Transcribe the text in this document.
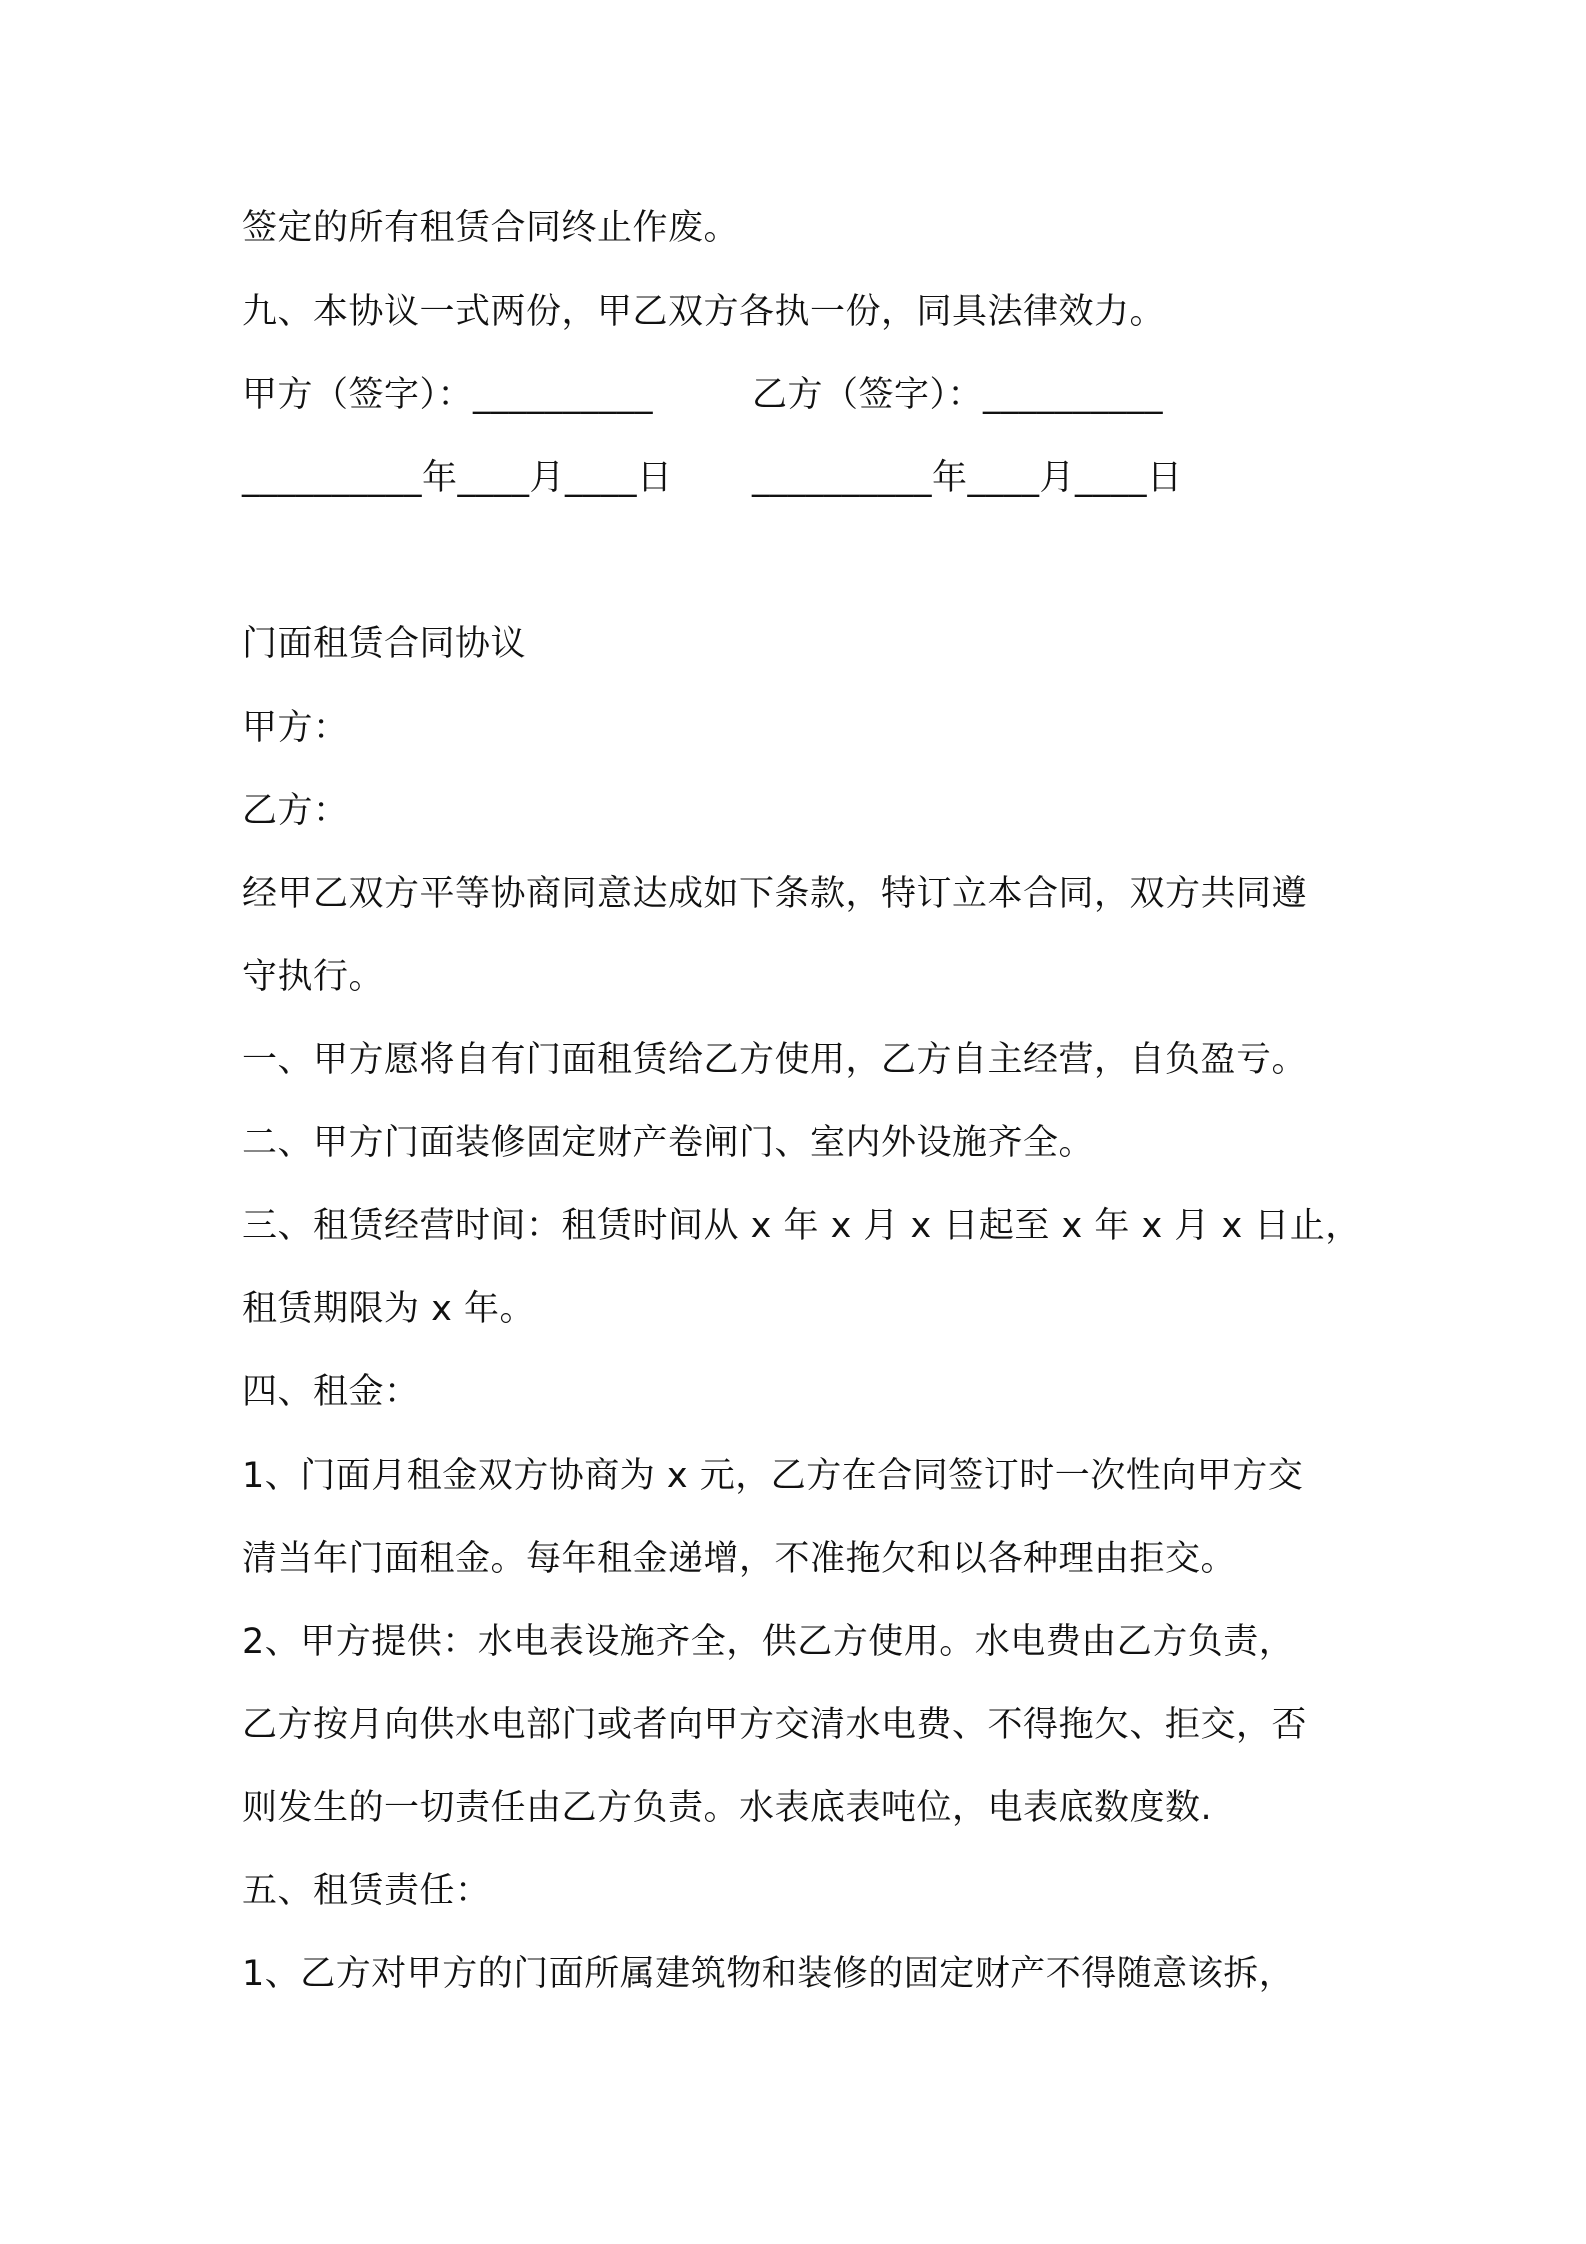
签定的所有租赁合同终止作废。
九、本协议一式两份，甲乙双方各执一份，同具法律效力。
甲方（签字）：__________	乙方（签字）：__________
__________年____月____日	__________年____月____日
门面租赁合同协议
甲方：
乙方：
经甲乙双方平等协商同意达成如下条款，特订立本合同，双方共同遵
守执行。
一、甲方愿将自有门面租赁给乙方使用，乙方自主经营，自负盈亏。
二、甲方门面装修固定财产卷闸门、室内外设施齐全。
三、租赁经营时间：租赁时间从 x 年 x 月 x 日起至 x 年 x 月 x 日止，
租赁期限为 x 年。
四、租金：
1、门面月租金双方协商为 x 元，乙方在合同签订时一次性向甲方交
清当年门面租金。每年租金递增，不准拖欠和以各种理由拒交。
2、甲方提供：水电表设施齐全，供乙方使用。水电费由乙方负责，
乙方按月向供水电部门或者向甲方交清水电费、不得拖欠、拒交，否
则发生的一切责任由乙方负责。水表底表吨位，电表底数度数.
五、租赁责任：
1、乙方对甲方的门面所属建筑物和装修的固定财产不得随意该拆，
